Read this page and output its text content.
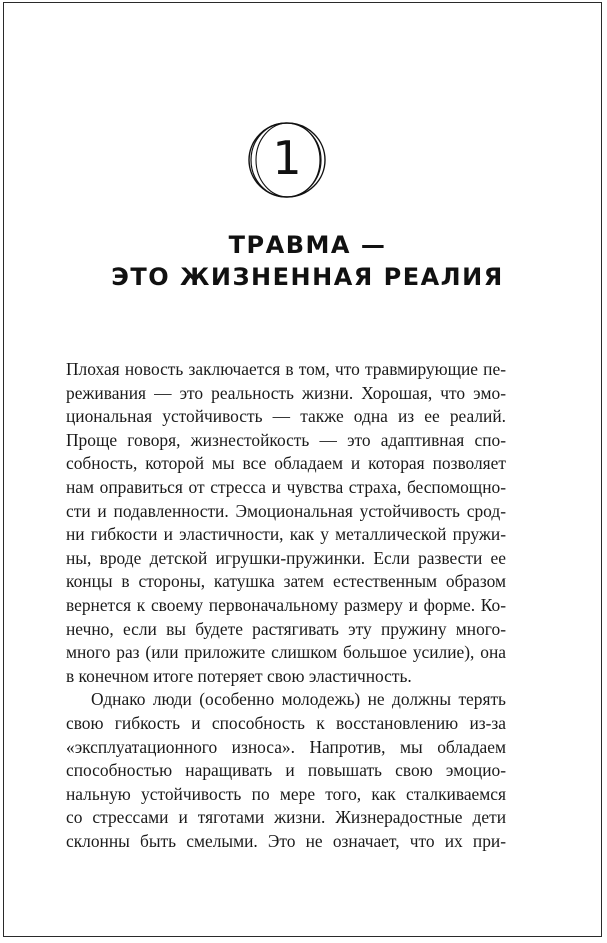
1
ТРАВМА —
ЭТО ЖИЗНЕННАЯ РЕАЛИЯ
Плохая новость заключается в том, что травмирующие пе-
реживания — это реальность жизни. Хорошая, что эмо-
циональная устойчивость — также одна из ее реалий.
Проще говоря, жизнестойкость — это адаптивная спо-
собность, которой мы все обладаем и которая позволяет
нам оправиться от стресса и чувства страха, беспомощно-
сти и подавленности. Эмоциональная устойчивость срод-
ни гибкости и эластичности, как у металлической пружи-
ны, вроде детской игрушки-пружинки. Если развести ее
концы в стороны, катушка затем естественным образом
вернется к своему первоначальному размеру и форме. Ко-
нечно, если вы будете растягивать эту пружину много-
много раз (или приложите слишком большое усилие), она
в конечном итоге потеряет свою эластичность.
Однако люди (особенно молодежь) не должны терять
свою гибкость и способность к восстановлению из-за
«эксплуатационного износа». Напротив, мы обладаем
способностью наращивать и повышать свою эмоцио-
нальную устойчивость по мере того, как сталкиваемся
со стрессами и тяготами жизни. Жизнерадостные дети
склонны быть смелыми. Это не означает, что их при-
